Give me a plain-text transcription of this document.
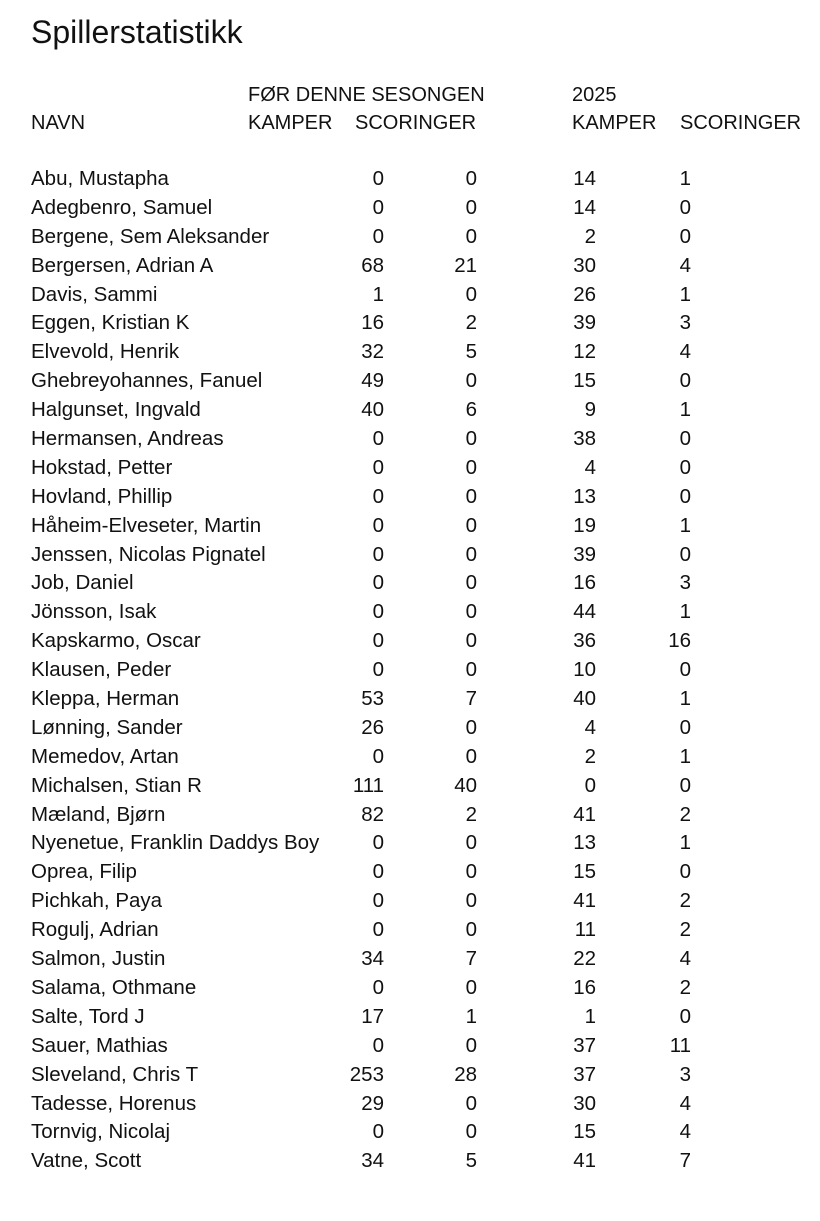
Spillerstatistikk
FØR DENNE SESONGEN	2025
NAVN	KAMPER SCORINGER	KAMPER SCORINGER
Abu, Mustapha	0	0	14	1
Adegbenro, Samuel	0	0	14	0
Bergene, Sem Aleksander	0	0	2	0
Bergersen, Adrian A	68	21	30	4
Davis, Sammi	1	0	26	1
Eggen, Kristian K	16	2	39	3
Elvevold, Henrik	32	5	12	4
Ghebreyohannes, Fanuel	49	0	15	0
Halgunset, Ingvald	40	6	9	1
Hermansen, Andreas	0	0	38	0
Hokstad, Petter	0	0	4	0
Hovland, Phillip	0	0	13	0
Håheim-Elveseter, Martin	0	0	19	1
Jenssen, Nicolas Pignatel	0	0	39	0
Job, Daniel	0	0	16	3
Jönsson, Isak	0	0	44	1
Kapskarmo, Oscar	0	0	36	16
Klausen, Peder	0	0	10	0
Kleppa, Herman	53	7	40	1
Lønning, Sander	26	0	4	0
Memedov, Artan	0	0	2	1
Michalsen, Stian R	111	40	0	0
Mæland, Bjørn	82	2	41	2
Nyenetue, Franklin Daddys Boy	0	0	13	1
Oprea, Filip	0	0	15	0
Pichkah, Paya	0	0	41	2
Rogulj, Adrian	0	0	11	2
Salmon, Justin	34	7	22	4
Salama, Othmane	0	0	16	2
Salte, Tord J	17	1	1	0
Sauer, Mathias	0	0	37	11
Sleveland, Chris T	253	28	37	3
Tadesse, Horenus	29	0	30	4
Tornvig, Nicolaj	0	0	15	4
Vatne, Scott	34	5	41	7
